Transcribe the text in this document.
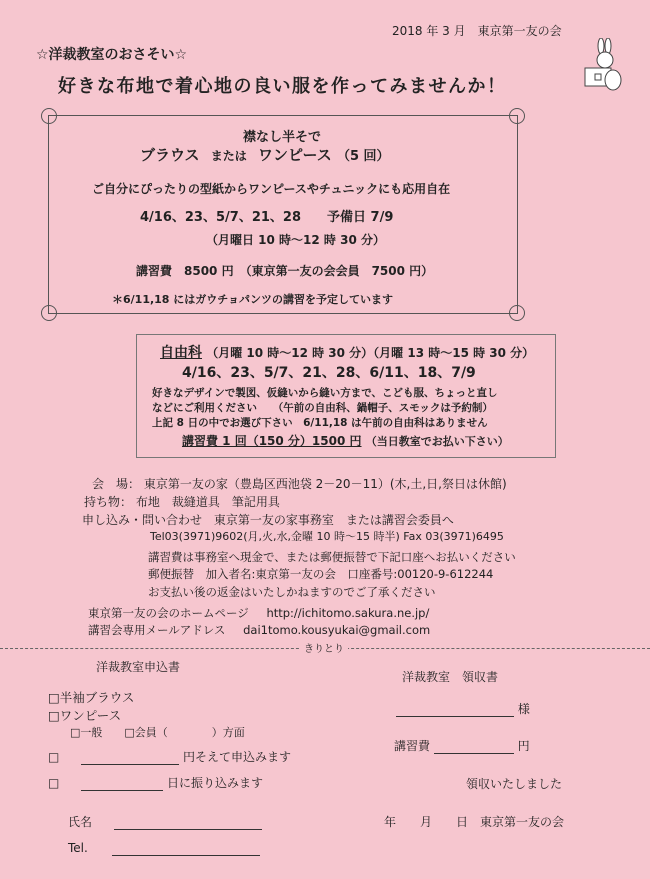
2018 年 3 月　東京第一友の会
☆洋裁教室のおさそい☆
好きな布地で着心地の良い服を作ってみませんか！
襟なし半そで
ブラウス または ワンピース （5 回）
ご自分にぴったりの型紙からワンピースやチュニックにも応用自在
4/16、23、5/7、21、28　　予備日 7/9
（月曜日 10 時～12 時 30 分）
講習費　8500 円　（東京第一友の会会員　7500 円）
＊6/11,18 にはガウチョパンツの講習を予定しています
自由科 （月曜 10 時～12 時 30 分）（月曜 13 時～15 時 30 分）
4/16、23、5/7、21、28、6/11、18、7/9
好きなデザインで製図、仮縫いから縫い方まで、こども服、ちょっと直し
などにご利用ください　　（午前の自由科、鍋帽子、スモックは予約制）
上記 8 日の中でお選び下さい　6/11,18 は午前の自由科はありません
講習費 1 回（150 分）1500 円 （当日教室でお払い下さい）
会　場： 東京第一友の家（豊島区西池袋 2－20－11）(木,土,日,祭日は休館)
持ち物： 布地　裁縫道具　筆記用具
申し込み・問い合わせ 東京第一友の家事務室　または講習会委員へ
Tel03(3971)9602(月,火,水,金曜 10 時～15 時半) Fax 03(3971)6495
講習費は事務室へ現金で、または郵便振替で下記口座へお払いください
郵便振替　加入者名:東京第一友の会　口座番号:00120-9-612244
お支払い後の返金はいたしかねますのでご了承ください
東京第一友の会のホームページ http://ichitomo.sakura.ne.jp/
講習会専用メールアドレス dai1tomo.kousyukai@gmail.com
きりとり
洋裁教室申込書
□半袖ブラウス
□ワンピース
□一般　　□会員（　　　　）方面
□	円そえて申込みます
□	日に振り込みます
氏名
Tel.
洋裁教室　領収書
様
講習費	円
領収いたしました
年　　月　　日　東京第一友の会
